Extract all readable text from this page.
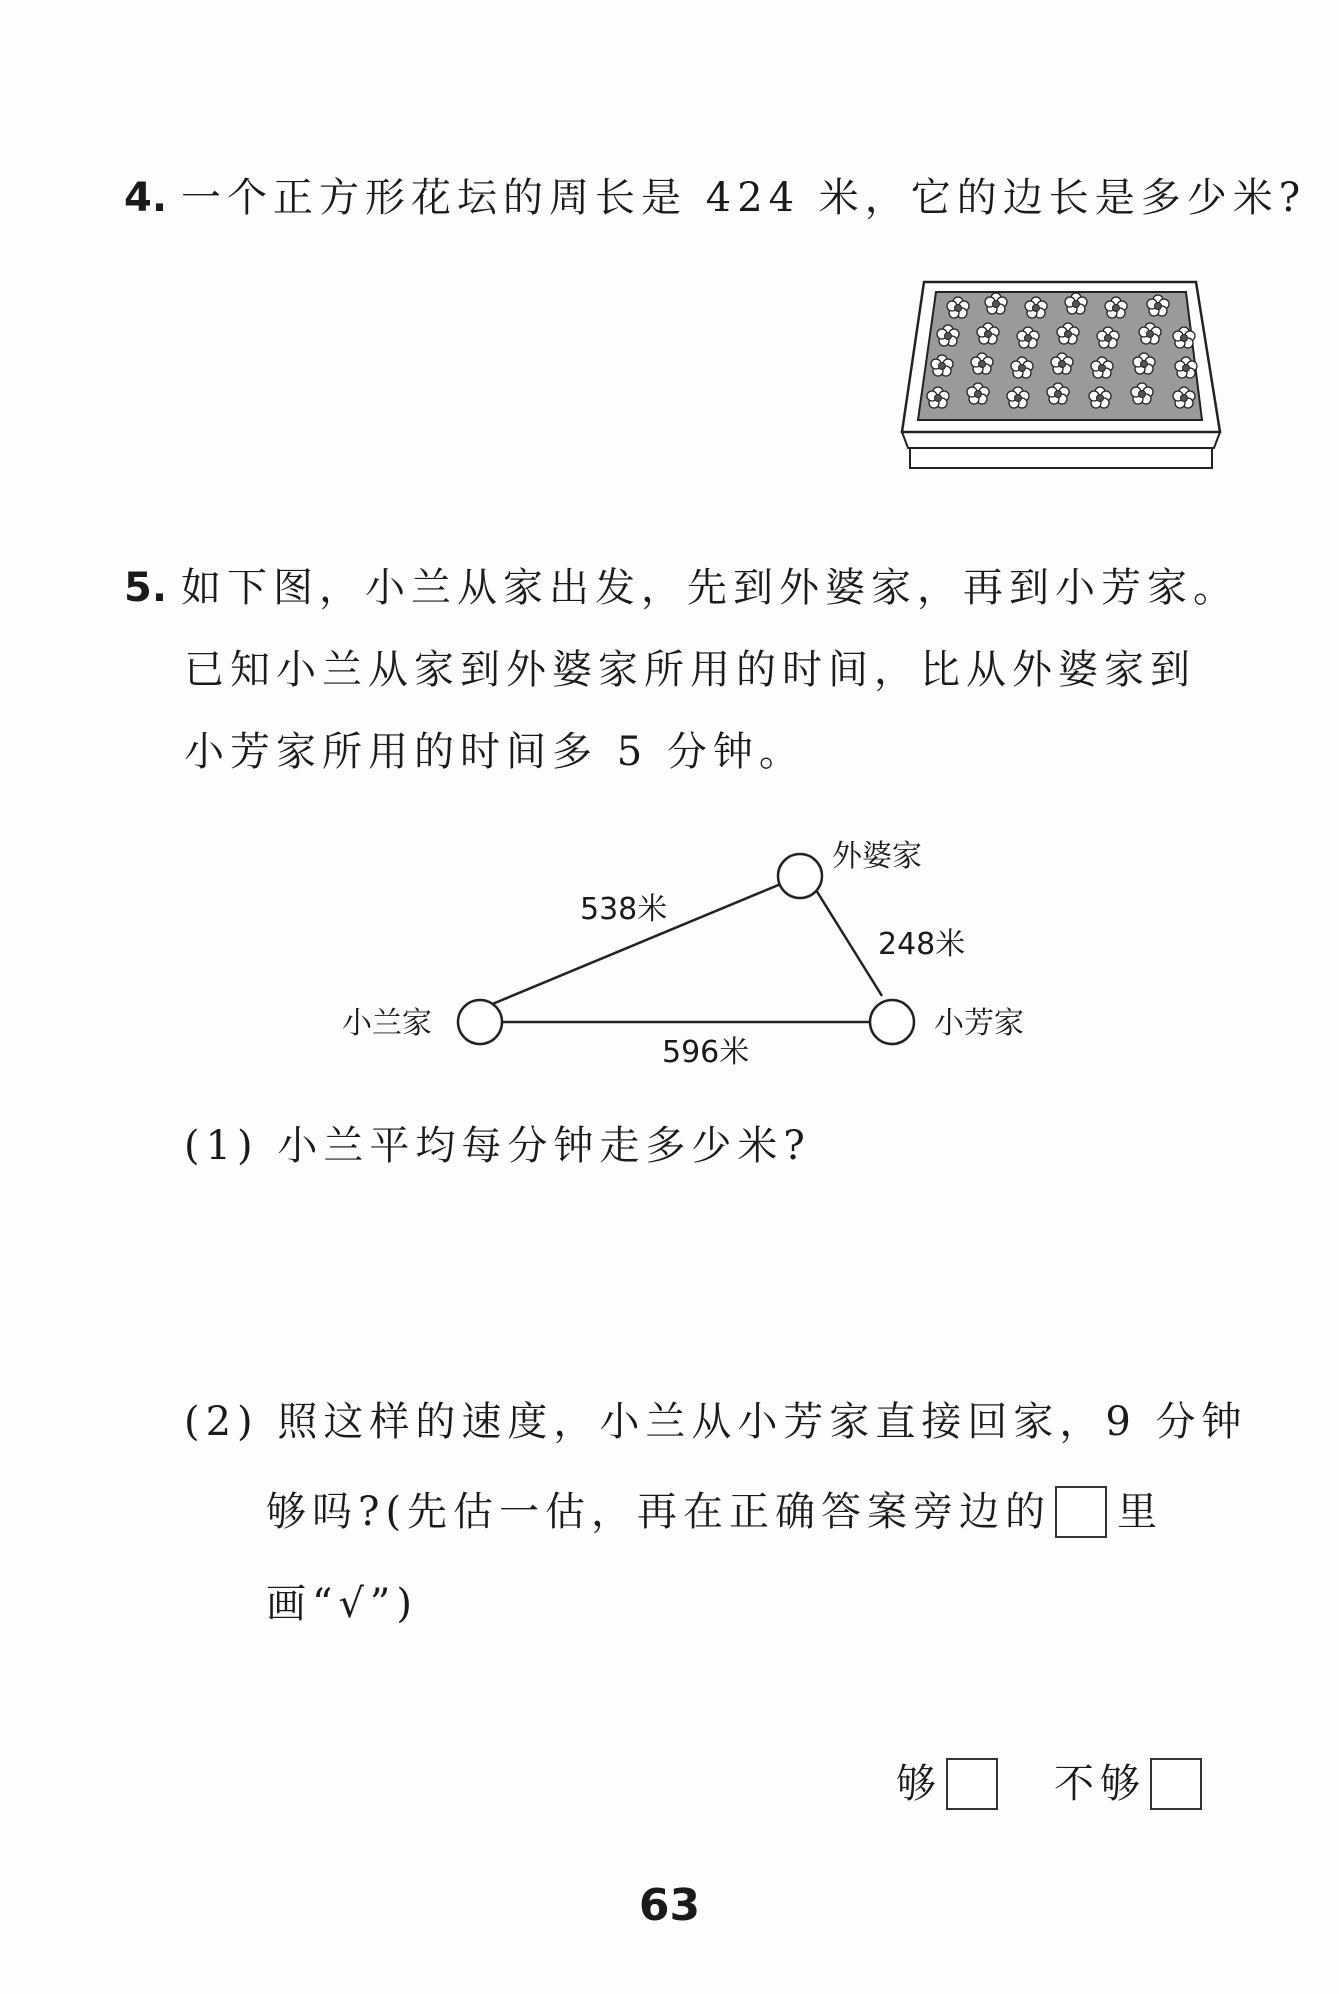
4. 一个正方形花坛的周长是 424 米，它的边长是多少米?
5. 如下图，小兰从家出发，先到外婆家，再到小芳家。
已知小兰从家到外婆家所用的时间，比从外婆家到
小芳家所用的时间多 5 分钟。
外婆家
小兰家	小芳家
538米
248米
596米
(1) 小兰平均每分钟走多少米?
(2) 照这样的速度，小兰从小芳家直接回家，9 分钟
够吗?(先估一估，再在正确答案旁边的 里
画“√”)
够	不够
63
